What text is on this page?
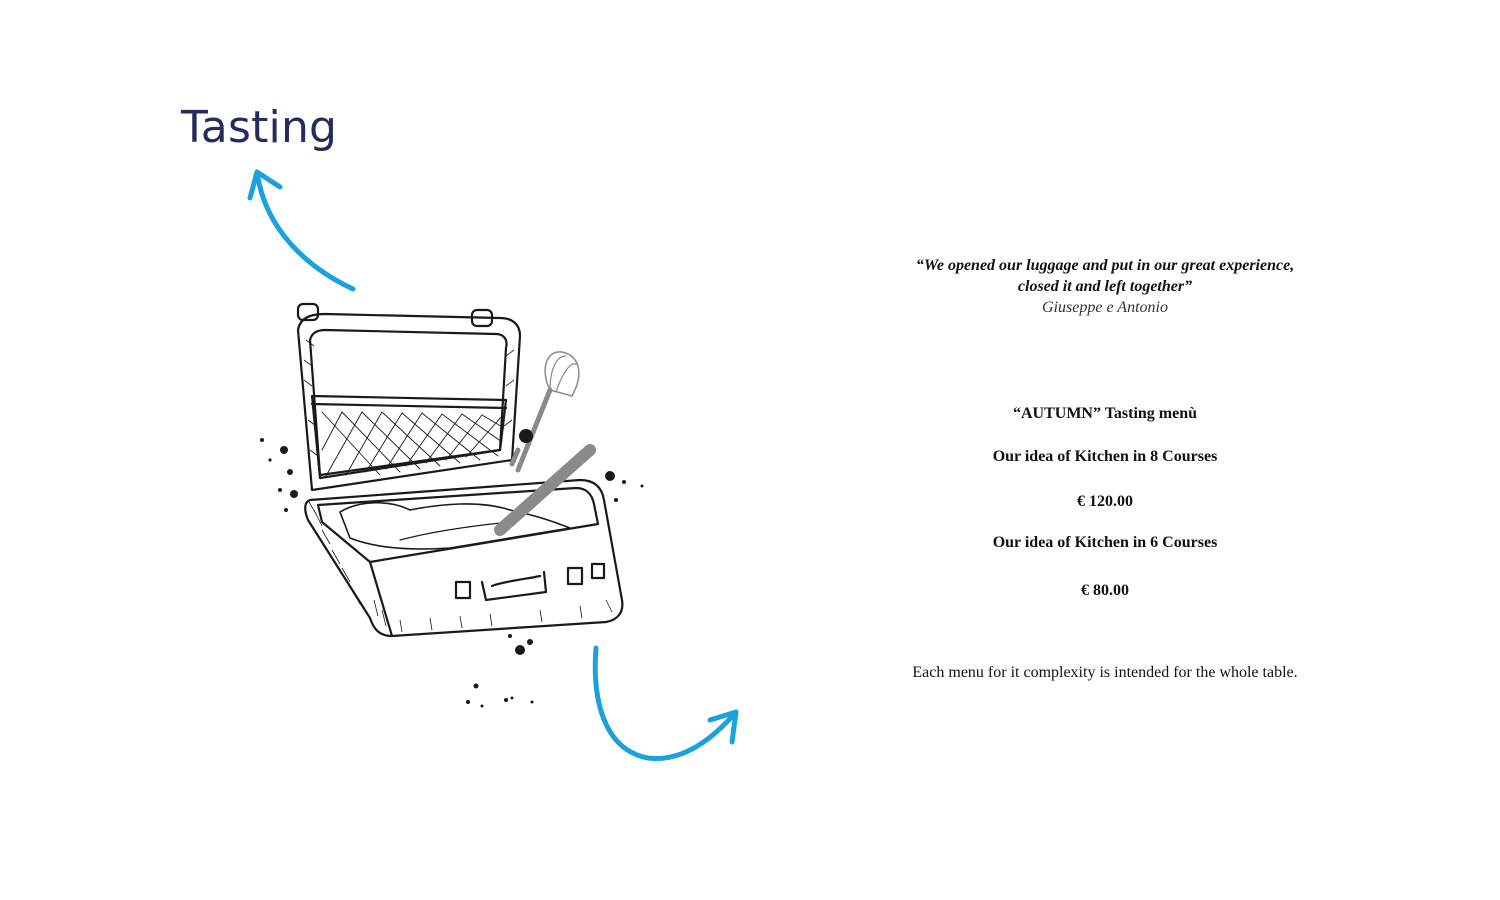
Tasting
“We opened our luggage and put in our great experience,
closed it and left together”
Giuseppe e Antonio
“AUTUMN” Tasting menù
Our idea of Kitchen in 8 Courses
€ 120.00
Our idea of Kitchen in 6 Courses
€ 80.00
Each menu for it complexity is intended for the whole table.
